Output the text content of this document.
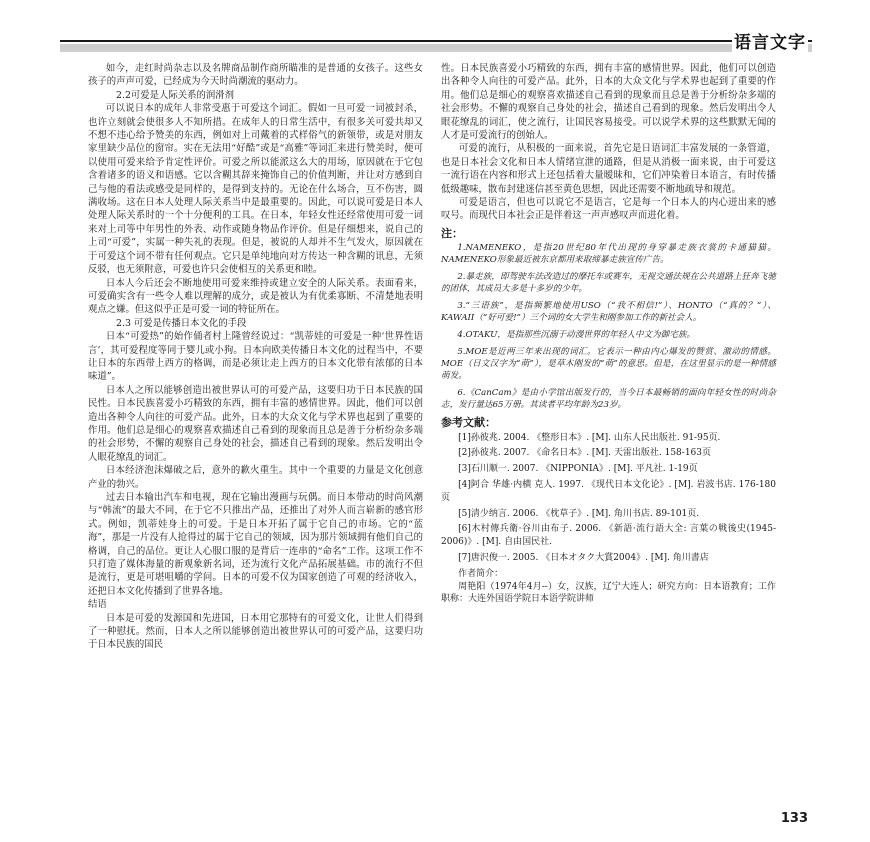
语言文字

如今，走红时尚杂志以及名牌商品制作商所瞄准的是普通的女孩子。这些女孩子的声声可爱，已经成为今天时尚潮流的驱动力。

2.2可爱是人际关系的润滑剂

可以说日本的成年人非常受惠于可爱这个词汇。假如一旦可爱一词被封杀，也许立刻就会使很多人不知所措。在成年人的日常生活中，有很多关可爱共却又不想不违心给予赞美的东西，例如对上司戴着的式样俗气的新领带，或是对朋友家里缺少品位的窗帘。实在无法用“好酷”或是“高雅”等词汇来进行赞美时，便可以使用可爱来给予肯定性评价。可爱之所以能派这么大的用场，原因就在于它包含着诸多的语义和语感。它以含糊其辞来掩饰自己的价值判断，并让对方感到自己与他的看法或感受是同样的，是得到支持的。无论在什么场合，互不伤害，圆满收场。这在日本人处理人际关系当中是最重要的。因此，可以说可爱是日本人处理人际关系时的一个十分便利的工具。在日本，年轻女性还经常使用可爱一词来对上司等中年男性的外表、动作或随身物品作评价。但是仔细想来，说自己的上司“可爱”，实属一种失礼的表现。但是，被说的人却并不生气发火，原因就在于可爱这个词不带有任何观点。它只是单纯地向对方传达一种含糊的讯息，无须反驳，也无须附意，可爱也许只会使相互的关系更和睦。

日本人今后还会不断地使用可爱来维持或建立安全的人际关系。表面看来，可爱确实含有一些令人难以理解的成分，或是被认为有优柔寡断、不清楚地表明观点之嫌。但这似乎正是可爱一词的特征所在。

2.3 可爱是传播日本文化的手段

日本“可爱热”的始作俑者村上隆曾经说过：“凯蒂娃的可爱是一种‘世界性语言’，其可爱程度等同于婴儿或小狗。日本向欧美传播日本文化的过程当中，不要让日本的东西带上西方的格调，而是必须让走上西方的日本文化带有浓郁的日本味道”。

日本人之所以能够创造出被世界认可的可爱产品，这要归功于日本民族的国民性。日本民族喜爱小巧精致的东西，拥有丰富的感情世界。因此，他们可以创造出各种令人向往的可爱产品。此外，日本的大众文化与学术界也起到了重要的作用。他们总是细心的观察喜欢描述自己看到的现象而且总是善于分析纷杂多端的社会形势，不懈的观察自己身处的社会，描述自己看到的现象。然后发明出令人眼花缭乱的词汇。

日本经济泡沫爆破之后，意外的歉火重生。其中一个重要的力量是文化创意产业的勃兴。

过去日本输出汽车和电视，现在它输出漫画与玩偶。而日本带动的时尚风潮与“韩流”的最大不同，在于它不只推出产品，还推出了对外人而言崭新的感官形式。例如，凯蒂娃身上的可爱。于是日本开拓了属于它自己的市场。它的“蓝海”，那是一片没有人抢得过的属于它自己的领域，因为那片领域拥有他们自己的格调，自己的品位。更让人心服口服的是背后一连串的“命名”工作。这项工作不只打造了媒体海量的新观象新名词，还为流行文化产品拓展基础。市的流行不但是流行，更是可堪咀嚼的学问。日本的可爱不仅为国家创造了可观的经济收入，还把日本文化传播到了世界各地。

结语

日本是可爱的发源国和先进国，日本用它那特有的可爱文化，让世人们得到了一种慰抚。然而，日本人之所以能够创造出被世界认可的可爱产品，这要归功于日本民族的国民

性。日本民族喜爱小巧精致的东西，拥有丰富的感情世界。因此，他们可以创造出各种令人向往的可爱产品。此外，日本的大众文化与学术界也起到了重要的作用。他们总是细心的观察喜欢描述自己看到的现象而且总是善于分析纷杂多端的社会形势。不懈的观察自己身处的社会，描述自己看到的现象。然后发明出令人眼花缭乱的词汇，使之流行，让国民容易接受。可以说学术界的这些默默无闻的人才是可爱流行的创始人。

可爱的流行，从积极的一面来说，首先它是日语词汇丰富发展的一条管道，也是日本社会文化和日本人情绪宣泄的通路，但是从消极一面来说，由于可爱这一流行语在内容和形式上还包括着大量暧昧和，它们冲染着日本语言，有时传播低级趣味，散布封建迷信甚至黄色思想，因此还需要不断地疏导和规范。

可爱是语言，但也可以说它不是语言，它是每一个日本人的内心迸出来的感叹号。而现代日本社会正是伴着这一声声感叹声而进化着。

注：

1.NAMENEKO，是指20世纪80年代出现的身穿暴走族衣裳的卡通猫猫。NAMENEKO形象最近被东京都用来取缔暴走族宣传广告。

2.暴走族，即驾驶车法改造过的摩托车或赛车，无视交通法规在公共道路上狂奔飞驰的团体，其成员大多是十多岁的少年。

3.“三语族”，是指频繁地使用USO（“我不相信!”）、HONTO（“真的？”）、KAWAII（“好可爱!”）三个词的女大学生和刚参加工作的新社会人。

4.OTAKU，是指那些沉溺于动漫世界的年轻人中文为御宅族。

5.MOE是近两三年来出现的词汇。它表示一种由内心爆发的赞赏、激动的情感。MOE（日文汉字为“萌”），是草木刚发的“萌”的意思。但是，在这里显示的是一种情感萌发。

6.《CanCam》是由小学馆出版发行的，当今日本最畅销的面向年轻女性的时尚杂志，发行量达65万册。其读者平均年龄为23岁。

参考文献：

[1]孙彼兆. 2004. 《整形日本》. [M]. 山东人民出版社. 91-95页.

[2]孙彼兆. 2007. 《命名日本》. [M]. 天雷出版社. 158-163页

[3]石川顺一. 2007. 《NIPPONIA》. [M]. 平凡社. 1-19页

[4]阿合 华雄·内横 克人. 1997. 《现代日本文化论》. [M]. 岩波书店. 176-180页

[5]清少纳言. 2006. 《枕草子》. [M]. 角川书店. 89-101页.

[6]木村傳兵衛·谷川由布子. 2006. 《新語·流行語大全: 言葉の戦後史(1945-2006)》. [M]. 自由国民社.

[7]唐沢俊一. 2005. 《日本オタク大賞2004》. [M]. 角川書店

作者简介：
周艳阳（1974年4月--）女，汉族，辽宁大连人；研究方向：日本语教育；工作职称：大连外国语学院日本语学院讲师
133
